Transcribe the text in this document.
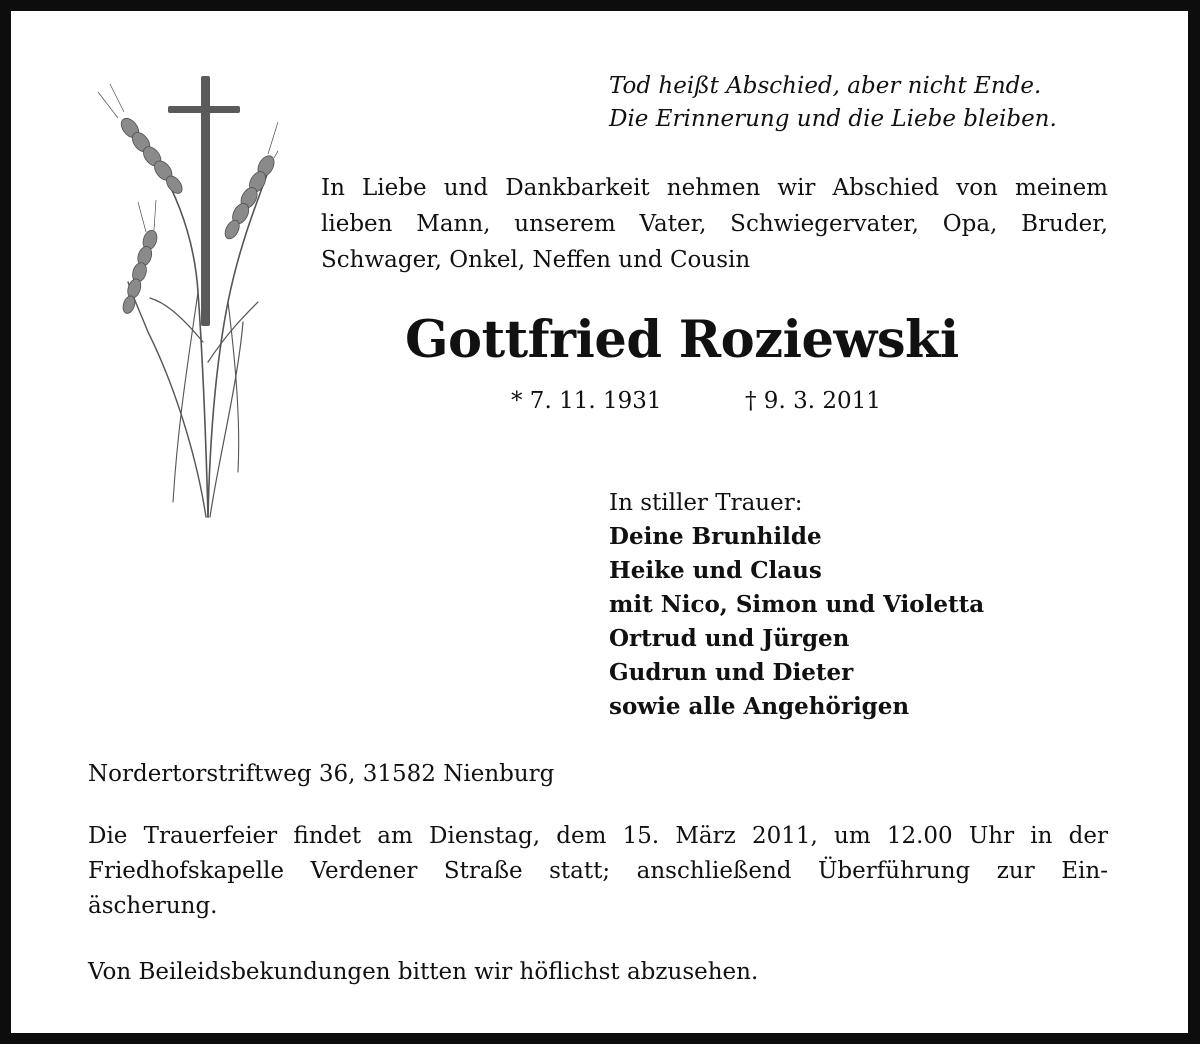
Tod heißt Abschied, aber nicht Ende.
Die Erinnerung und die Liebe bleiben.

In Liebe und Dankbarkeit nehmen wir Abschied von meinem

lieben Mann, unserem Vater, Schwiegervater, Opa, Bruder,

Schwager, Onkel, Neffen und Cousin

Gottfried Roziewski
* 7. 11. 1931	† 9. 3. 2011
In stiller Trauer:
Deine Brunhilde
Heike und Claus
mit Nico, Simon und Violetta
Ortrud und Jürgen
Gudrun und Dieter
sowie alle Angehörigen
Nordertorstriftweg 36, 31582 Nienburg

Die Trauerfeier findet am Dienstag, dem 15. März 2011, um 12.00 Uhr in der

Friedhofskapelle Verdener Straße statt; anschließend Überführung zur Ein-

äscherung.

Von Beileidsbekundungen bitten wir höflichst abzusehen.
